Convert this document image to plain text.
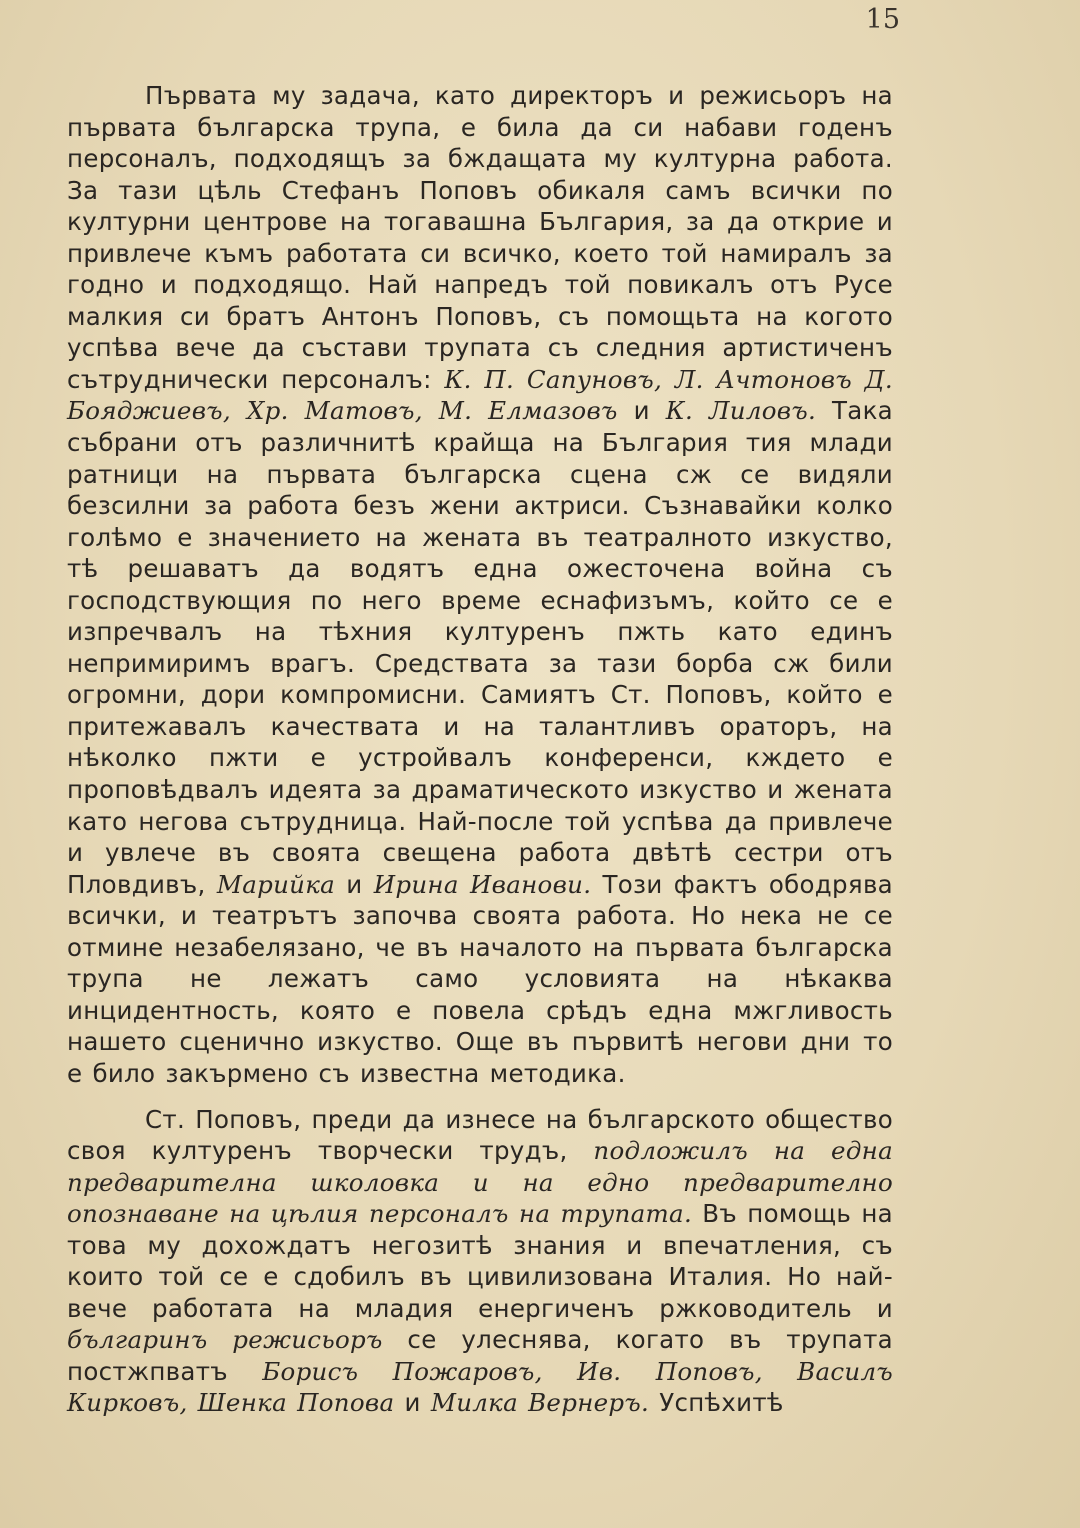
15

Първата му задача, като директоръ и режисьоръ на първата българска трупа, е била да си набави годенъ персоналъ, подходящъ за бждащата му културна работа. За тази цѣль Стефанъ Поповъ обикаля самъ всички по културни центрове на тогавашна България, за да открие и привлече къмъ работата си всичко, което той намиралъ за годно и подходящо. Най напредъ той повикалъ отъ Русе малкия си братъ Антонъ Поповъ, съ помощьта на когото успѣва вече да състави трупата съ следния артистиченъ сътруднически персоналъ: К. П. Сапуновъ, Л. Ачтоновъ Д. Бояджиевъ, Хр. Матовъ, М. Елмазовъ и К. Лиловъ. Така събрани отъ различнитѣ крайща на България тия млади ратници на първата българска сцена сж се видяли безсилни за работа безъ жени актриси. Съзнавайки колко голѣмо е значението на жената въ театралното изкуство, тѣ решаватъ да водятъ една ожесточена война съ господствующия по него време еснафизъмъ, който се е изпречвалъ на тѣхния културенъ пжть като единъ непримиримъ врагъ. Средствата за тази борба сж били огромни, дори компромисни. Самиятъ Ст. Поповъ, който е притежавалъ качествата и на талантливъ ораторъ, на нѣколко пжти е устройвалъ конференси, кждето е проповѣдвалъ идеята за драматическото изкуство и жената като негова сътрудница. Най-после той успѣва да привлече и увлече въ своята свещена работа двѣтѣ сестри отъ Пловдивъ, Марийка и Ирина Иванови. Този фактъ ободрява всички, и театрътъ започва своята работа. Но нека не се отмине незабелязано, че въ началото на първата българска трупа не лежатъ само условията на нѣкаква инцидентность, която е повела срѣдъ една мжгливость нашето сценично изкуство. Още въ първитѣ негови дни то е било закърмено съ известна методика.

Ст. Поповъ, преди да изнесе на българското общество своя културенъ творчески трудъ, подложилъ на една предварителна школовка и на едно предварително опознаване на цѣлия персоналъ на трупата. Въ помощь на това му дохождатъ негозитѣ знания и впечатления, съ които той се е сдобилъ въ цивилизована Италия. Но най-вече работата на младия енергиченъ ржководитель и българинъ режисьоръ се улеснява, когато въ трупата постжпватъ Борисъ Пожаровъ, Ив. Поповъ, Василъ Кирковъ, Шенка Попова и Милка Вернеръ. Успѣхитѣ
